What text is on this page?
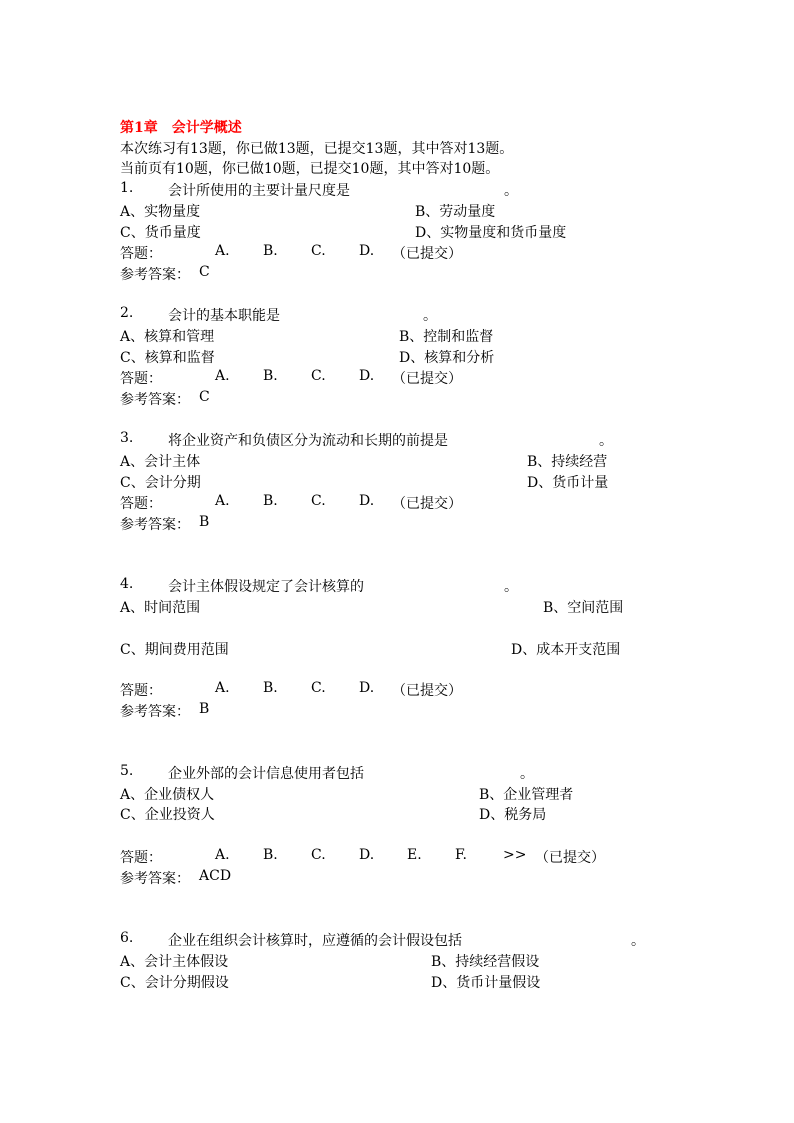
第1章　会计学概述
本次练习有13题，你已做13题，已提交13题，其中答对13题。
当前页有10题，你已做10题，已提交10题，其中答对10题。
1. 会计所使用的主要计量尺度是	。
A、实物量度	B、劳动量度
C、货币量度	D、实物量度和货币量度
答题：	A. B. C. D. （已提交）
参考答案： C
2. 会计的基本职能是	。
A、核算和管理	B、控制和监督
C、核算和监督	D、核算和分析
答题：	A. B. C. D. （已提交）
参考答案： C
3. 将企业资产和负债区分为流动和长期的前提是	。
A、会计主体	B、持续经营
C、会计分期	D、货币计量
答题：	A. B. C. D. （已提交）
参考答案： B
4. 会计主体假设规定了会计核算的	。
A、时间范围	B、空间范围
C、期间费用范围	D、成本开支范围
答题：	A. B. C. D. （已提交）
参考答案： B
5. 企业外部的会计信息使用者包括	。
A、企业债权人	B、企业管理者
C、企业投资人	D、税务局
答题：	A. B. C. D. E. F.	>> （已提交）
参考答案： ACD
6. 企业在组织会计核算时，应遵循的会计假设包括	。
A、会计主体假设	B、持续经营假设
C、会计分期假设	D、货币计量假设
